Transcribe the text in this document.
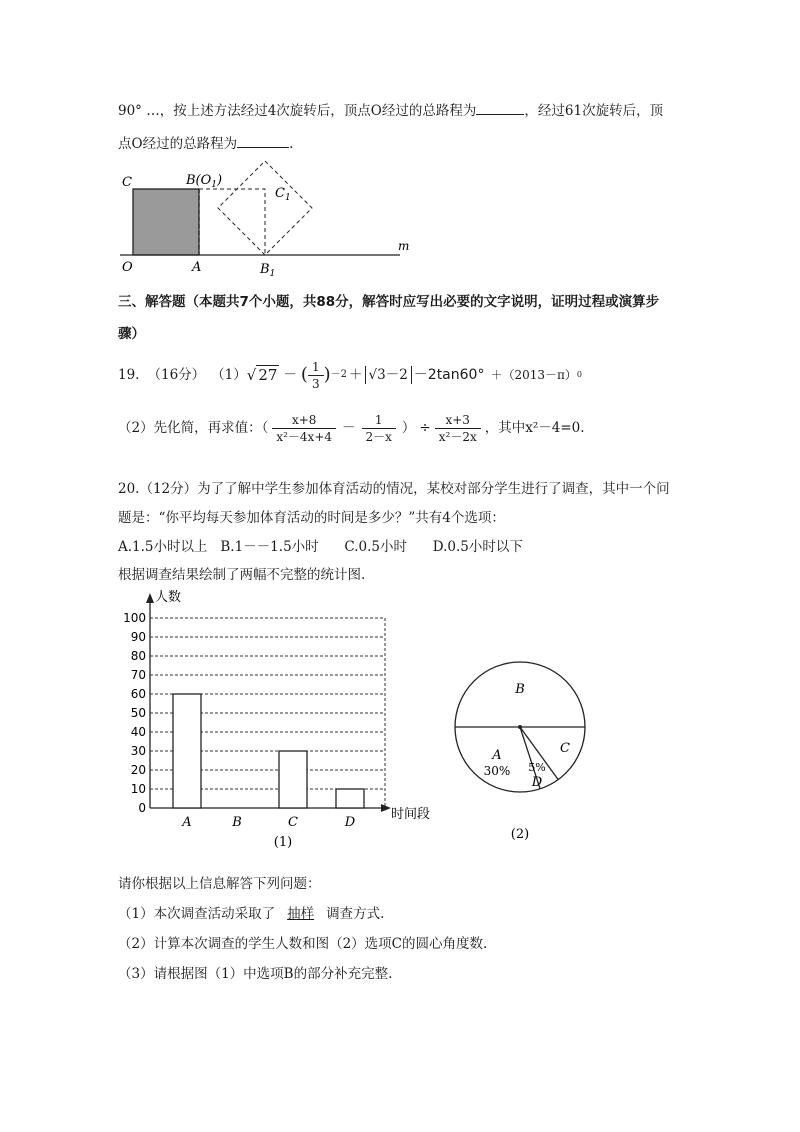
90° …，按上述方法经过4次旋转后，顶点O经过的总路程为	，经过61次旋转后，顶
点O经过的总路程为	.
C	$B(O_1)$
$C_1$
O	A	$B_1$
m
三、解答题（本题共7个小题，共88分，解答时应写出必要的文字说明，证明过程或演算步
骤）
19. （16分） （1） √ 27 － ( $\frac{1}{3}$ ) －2 ＋ √3－2 －2tan60° ＋（2013－π） 0
（2）先化简，再求值：（ $\frac{x+8}{\text{x²－4x+4}} - \frac{1}{2-x}$ ） ÷ $\frac{x+3}{\text{x²－2x}}$ ，其中x²－4=0.
20.（12分）为了了解中学生参加体育活动的情况，某校对部分学生进行了调查，其中一个问
题是：“你平均每天参加体育活动的时间是多少？”共有4个选项：
A.1.5小时以上   B.1－－1.5小时      C.0.5小时      D.0.5小时以下
根据调查结果绘制了两幅不完整的统计图.
0
10
20
30
40
50
60
70
80
90
100
人数
时间段
A	B	C	D
(1)
B
A
30%
C
5%
D
(2)
请你根据以上信息解答下列问题：
（1）本次调查活动采取了 抽样 调查方式.
（2）计算本次调查的学生人数和图（2）选项C的圆心角度数.
（3）请根据图（1）中选项B的部分补充完整.
